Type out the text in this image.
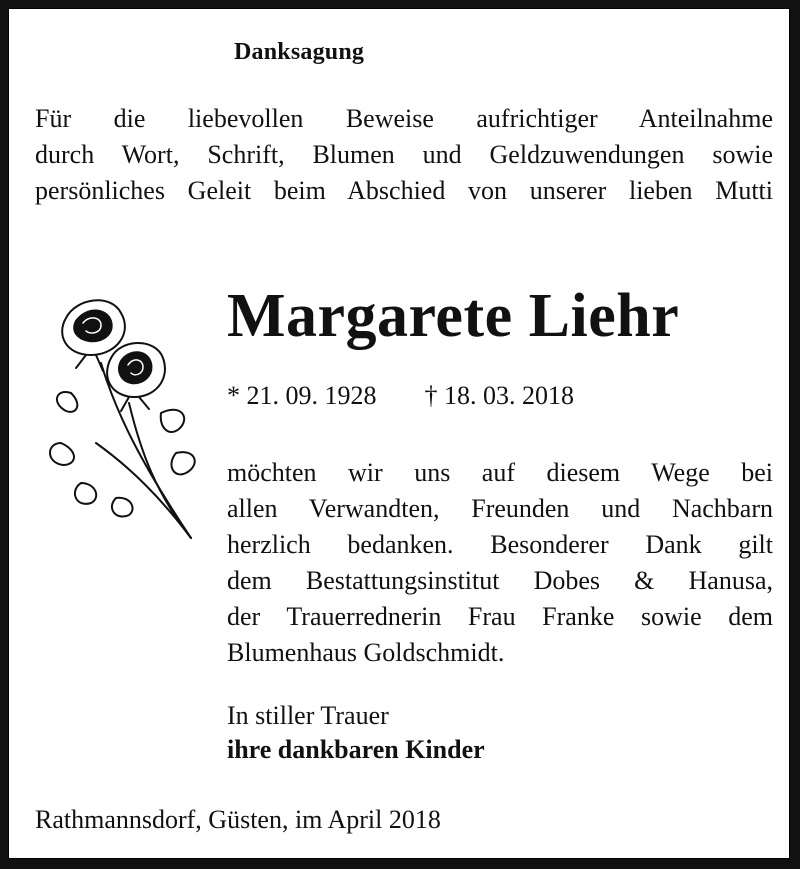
Danksagung
Für die liebevollen Beweise aufrichtiger Anteilnahme
durch Wort, Schrift, Blumen und Geldzuwendungen sowie
persönliches Geleit beim Abschied von unserer lieben Mutti
Margarete Liehr
* 21. 09. 1928 † 18. 03. 2018
möchten wir uns auf diesem Wege bei
allen Verwandten, Freunden und Nachbarn
herzlich bedanken. Besonderer Dank gilt
dem Bestattungsinstitut Dobes & Hanusa,
der Trauerrednerin Frau Franke sowie dem
Blumenhaus Goldschmidt.
In stiller Trauer
ihre dankbaren Kinder
Rathmannsdorf, Güsten, im April 2018
